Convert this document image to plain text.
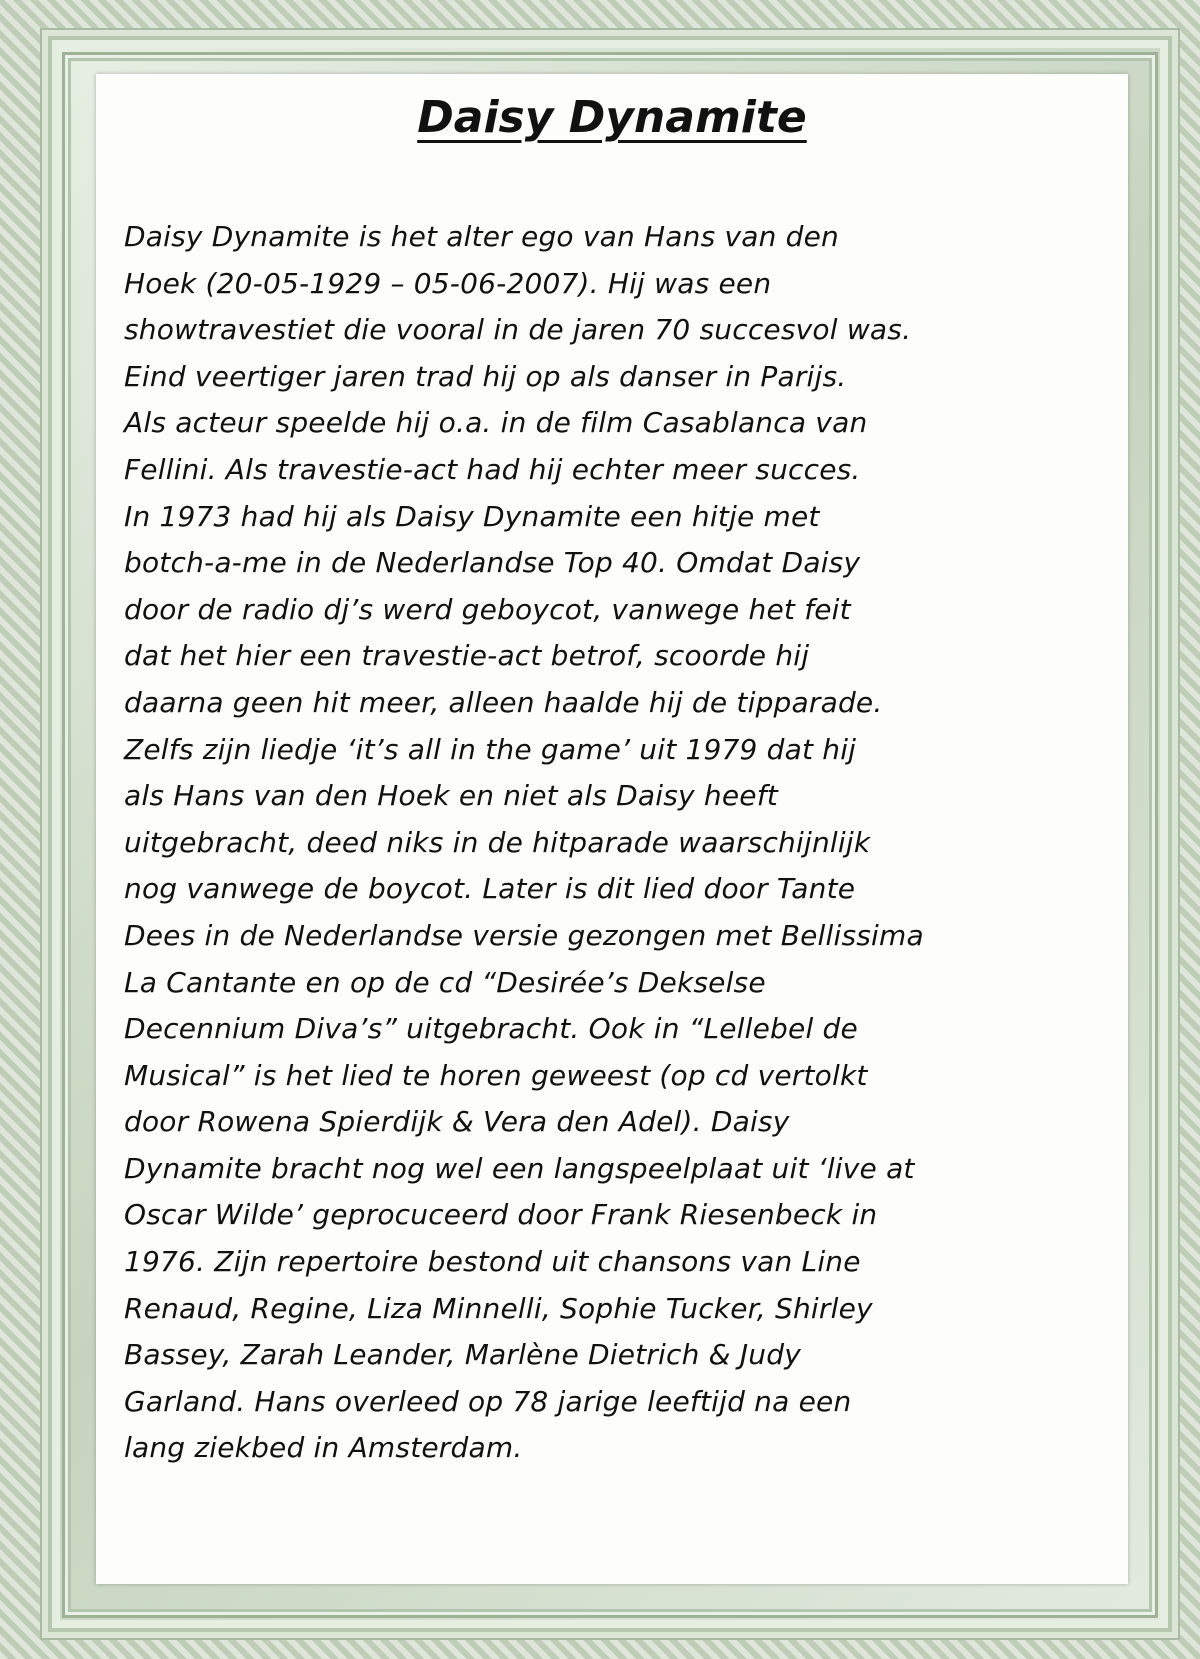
Daisy Dynamite
Daisy Dynamite is het alter ego van Hans van den
Hoek (20-05-1929 – 05-06-2007). Hij was een
showtravestiet die vooral in de jaren 70 succesvol was.
Eind veertiger jaren trad hij op als danser in Parijs.
Als acteur speelde hij o.a. in de film Casablanca van
Fellini. Als travestie-act had hij echter meer succes.
In 1973 had hij als Daisy Dynamite een hitje met
botch-a-me in de Nederlandse Top 40. Omdat Daisy
door de radio dj’s werd geboycot, vanwege het feit
dat het hier een travestie-act betrof, scoorde hij
daarna geen hit meer, alleen haalde hij de tipparade.
Zelfs zijn liedje ‘it’s all in the game’ uit 1979 dat hij
als Hans van den Hoek en niet als Daisy heeft
uitgebracht, deed niks in de hitparade waarschijnlijk
nog vanwege de boycot. Later is dit lied door Tante
Dees in de Nederlandse versie gezongen met Bellissima
La Cantante en op de cd “Desirée’s Dekselse
Decennium Diva’s” uitgebracht. Ook in “Lellebel de
Musical” is het lied te horen geweest (op cd vertolkt
door Rowena Spierdijk & Vera den Adel). Daisy
Dynamite bracht nog wel een langspeelplaat uit ‘live at
Oscar Wilde’ geprocuceerd door Frank Riesenbeck in
1976. Zijn repertoire bestond uit chansons van Line
Renaud, Regine, Liza Minnelli, Sophie Tucker, Shirley
Bassey, Zarah Leander, Marlène Dietrich & Judy
Garland. Hans overleed op 78 jarige leeftijd na een
lang ziekbed in Amsterdam.
